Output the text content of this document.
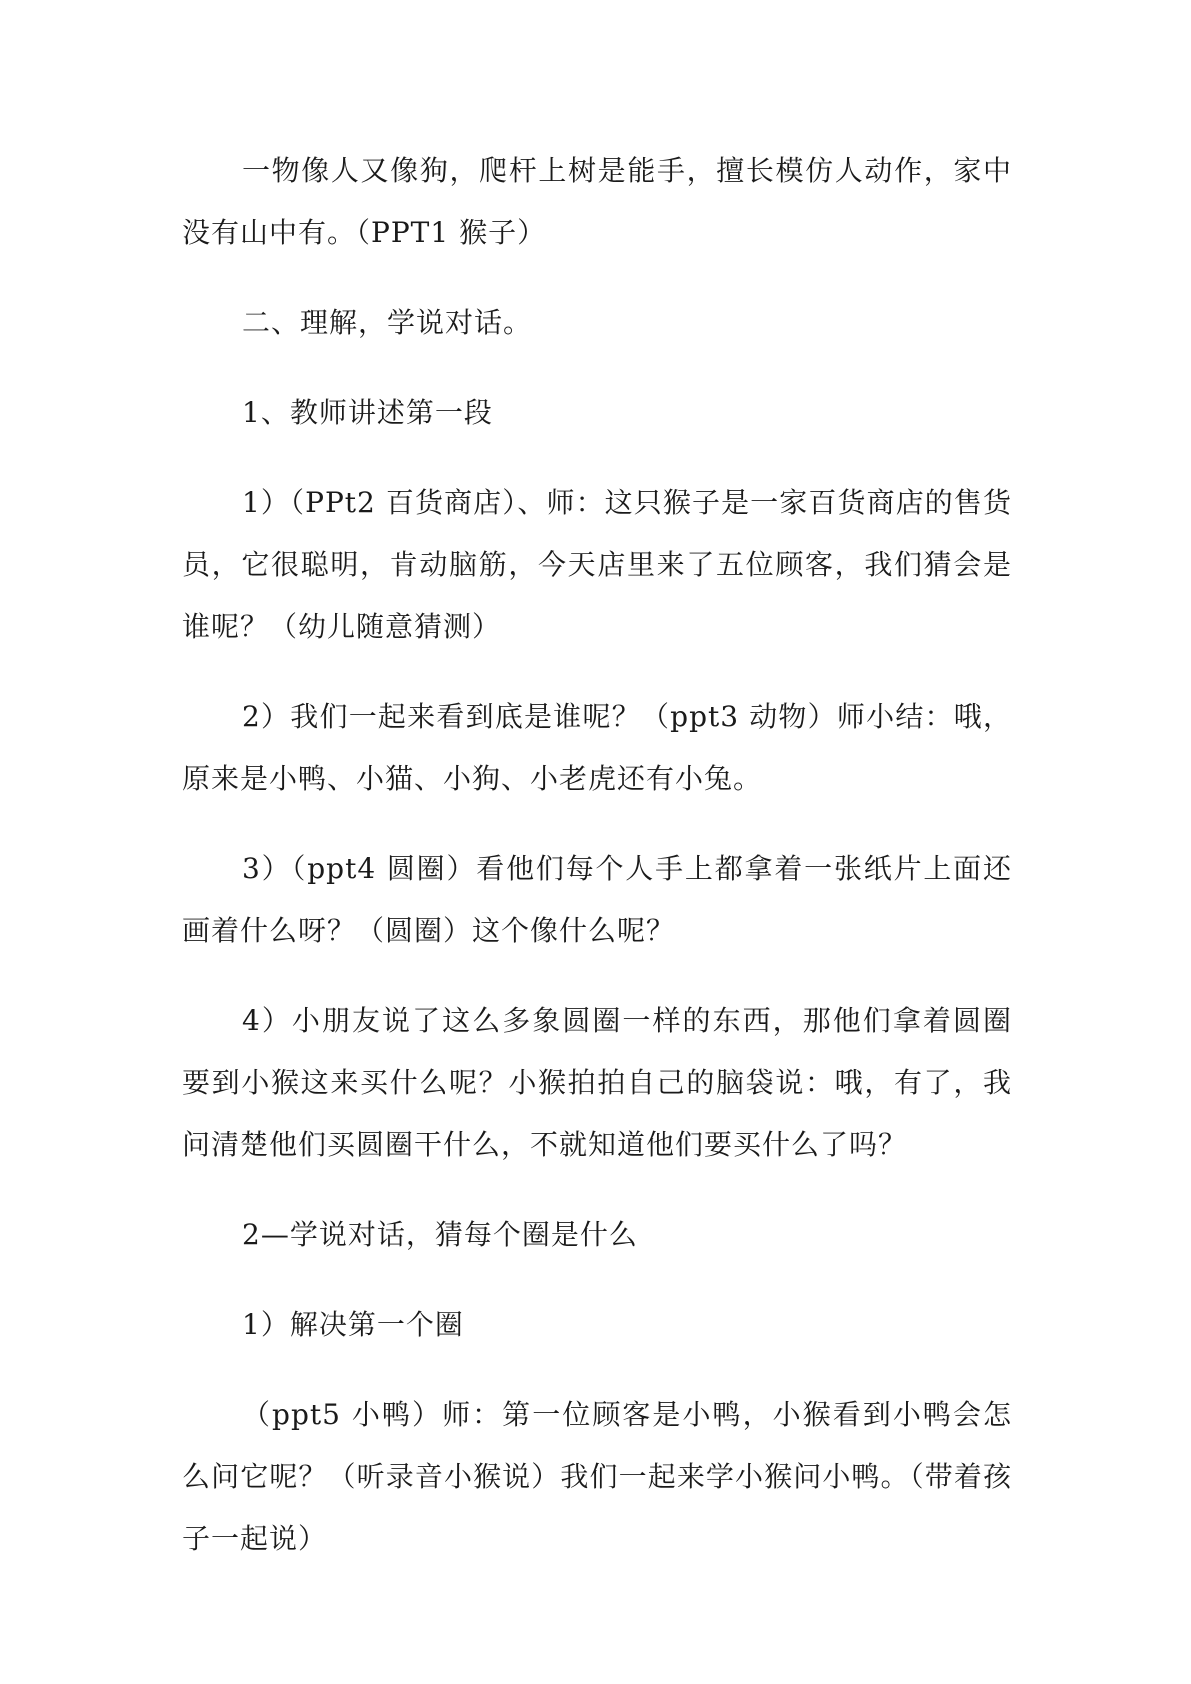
一物像人又像狗，爬杆上树是能手，擅长模仿人动作，家中没有山中有。（PPT1 猴子）

二、理解，学说对话。

1、教师讲述第一段

1）（PPt2 百货商店）、师：这只猴子是一家百货商店的售货员，它很聪明，肯动脑筋，今天店里来了五位顾客，我们猜会是谁呢？（幼儿随意猜测）

2）我们一起来看到底是谁呢？（ppt3 动物）师小结：哦，原来是小鸭、小猫、小狗、小老虎还有小兔。

3）（ppt4 圆圈）看他们每个人手上都拿着一张纸片上面还画着什么呀？（圆圈）这个像什么呢？

4）小朋友说了这么多象圆圈一样的东西，那他们拿着圆圈要到小猴这来买什么呢？小猴拍拍自己的脑袋说：哦，有了，我问清楚他们买圆圈干什么，不就知道他们要买什么了吗？

2—学说对话，猜每个圈是什么

1）解决第一个圈

（ppt5 小鸭）师：第一位顾客是小鸭，小猴看到小鸭会怎么问它呢？（听录音小猴说）我们一起来学小猴问小鸭。（带着孩子一起说）
